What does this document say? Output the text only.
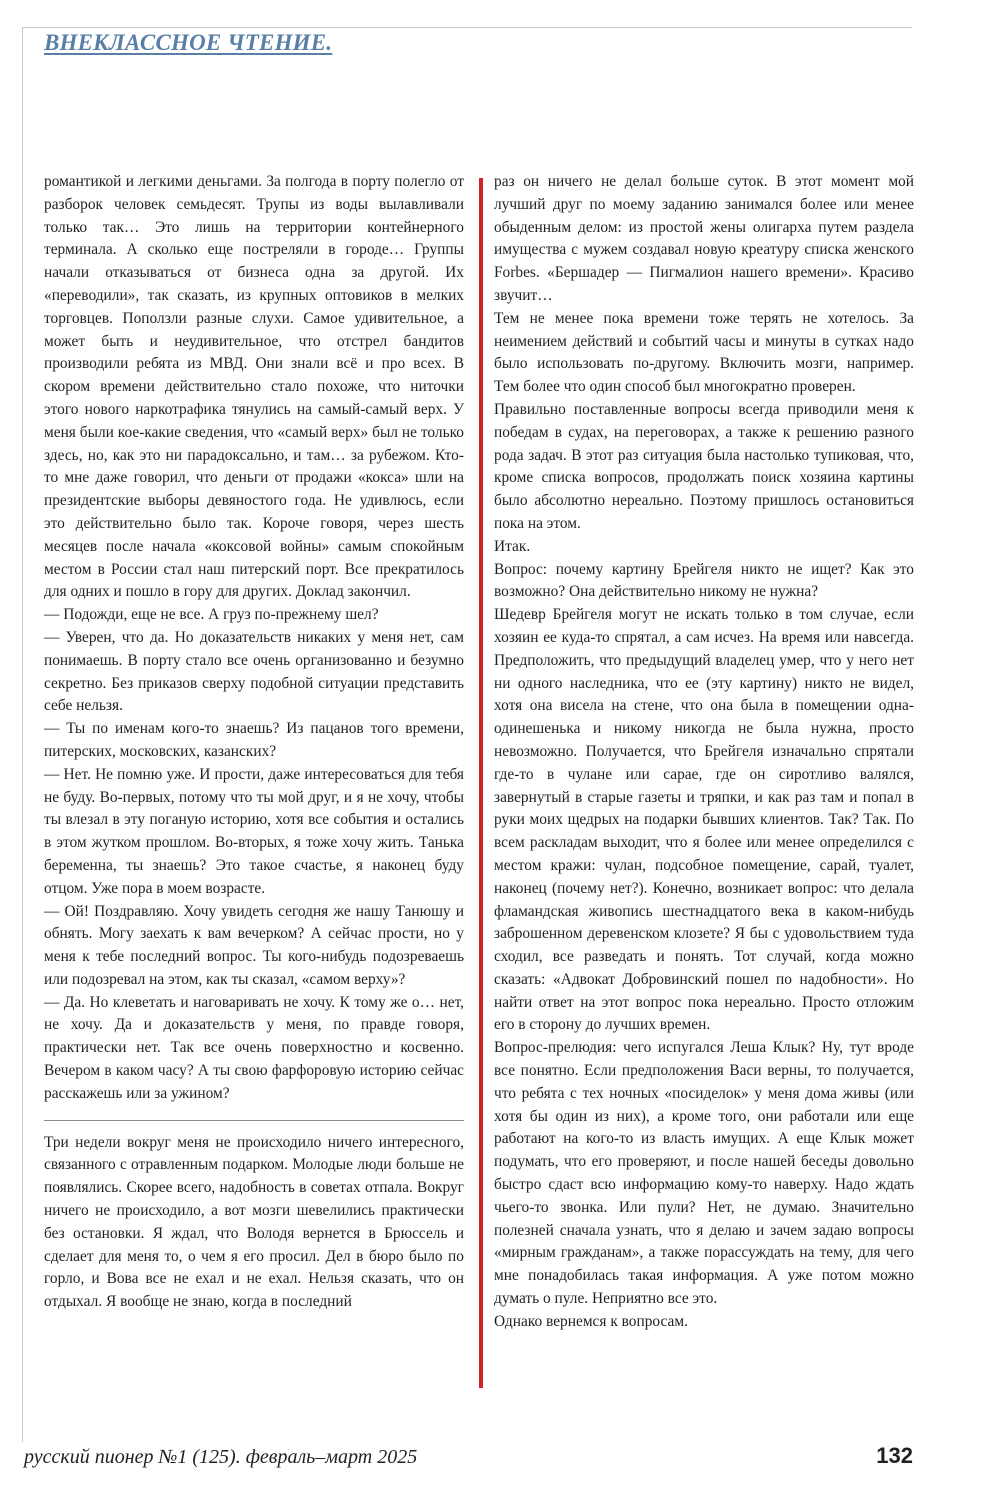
ВНЕКЛАССНОЕ ЧТЕНИЕ.

романтикой и легкими деньгами. За полгода в порту полегло от разборок человек семьдесят. Трупы из воды вылавливали только так… Это лишь на территории контейнерного терминала. А сколько еще постреляли в городе… Группы начали отказываться от бизнеса одна за другой. Их «переводили», так сказать, из крупных оптовиков в мелких торговцев. Поползли разные слухи. Самое удивительное, а может быть и неудивительное, что отстрел бандитов производили ребята из МВД. Они знали всё и про всех. В скором времени действительно стало похоже, что ниточки этого нового наркотрафика тянулись на самый-самый верх. У меня были кое-какие сведения, что «самый верх» был не только здесь, но, как это ни парадоксально, и там… за рубежом. Кто-то мне даже говорил, что деньги от продажи «кокса» шли на президентские выборы девяностого года. Не удивлюсь, если это действительно было так. Короче говоря, через шесть месяцев после начала «коксовой войны» самым спокойным местом в России стал наш питерский порт. Все прекратилось для одних и пошло в гору для других. Доклад закончил.

— Подожди, еще не все. А груз по-прежнему шел?

— Уверен, что да. Но доказательств никаких у меня нет, сам понимаешь. В порту стало все очень организованно и безумно секретно. Без приказов сверху подобной ситуации представить себе нельзя.

— Ты по именам кого-то знаешь? Из пацанов того времени, питерских, московских, казанских?

— Нет. Не помню уже. И прости, даже интересоваться для тебя не буду. Во-первых, потому что ты мой друг, и я не хочу, чтобы ты влезал в эту поганую историю, хотя все события и остались в этом жутком прошлом. Во-вторых, я тоже хочу жить. Танька беременна, ты знаешь? Это такое счастье, я наконец буду отцом. Уже пора в моем возрасте.

— Ой! Поздравляю. Хочу увидеть сегодня же нашу Танюшу и обнять. Могу заехать к вам вечерком? А сейчас прости, но у меня к тебе последний вопрос. Ты кого-нибудь подозреваешь или подозревал на этом, как ты сказал, «самом верху»?

— Да. Но клеветать и наговаривать не хочу. К тому же о… нет, не хочу. Да и доказательств у меня, по правде говоря, практически нет. Так все очень поверхностно и косвенно. Вечером в каком часу? А ты свою фарфоровую историю сейчас расскажешь или за ужином?

Три недели вокруг меня не происходило ничего интересного, связанного с отравленным подарком. Молодые люди больше не появлялись. Скорее всего, надобность в советах отпала. Вокруг ничего не происходило, а вот мозги шевелились практически без остановки. Я ждал, что Володя вернется в Брюссель и сделает для меня то, о чем я его просил. Дел в бюро было по горло, и Вова все не ехал и не ехал. Нельзя сказать, что он отдыхал. Я вообще не знаю, когда в последний

раз он ничего не делал больше суток. В этот момент мой лучший друг по моему заданию занимался более или менее обыденным делом: из простой жены олигарха путем раздела имущества с мужем создавал новую креатуру списка женского Forbes. «Бершадер — Пигмалион нашего времени». Красиво звучит…

Тем не менее пока времени тоже терять не хотелось. За неимением действий и событий часы и минуты в сутках надо было использовать по-другому. Включить мозги, например. Тем более что один способ был многократно проверен.

Правильно поставленные вопросы всегда приводили меня к победам в судах, на переговорах, а также к решению разного рода задач. В этот раз ситуация была настолько тупиковая, что, кроме списка вопросов, продолжать поиск хозяина картины было абсолютно нереально. Поэтому пришлось остановиться пока на этом.

Итак.

Вопрос: почему картину Брейгеля никто не ищет? Как это возможно? Она действительно никому не нужна?

Шедевр Брейгеля могут не искать только в том случае, если хозяин ее куда-то спрятал, а сам исчез. На время или навсегда. Предположить, что предыдущий владелец умер, что у него нет ни одного наследника, что ее (эту картину) никто не видел, хотя она висела на стене, что она была в помещении одна-одинешенька и никому никогда не была нужна, просто невозможно. Получается, что Брейгеля изначально спрятали где-то в чулане или сарае, где он сиротливо валялся, завернутый в старые газеты и тряпки, и как раз там и попал в руки моих щедрых на подарки бывших клиентов. Так? Так. По всем раскладам выходит, что я более или менее определился с местом кражи: чулан, подсобное помещение, сарай, туалет, наконец (почему нет?). Конечно, возникает вопрос: что делала фламандская живопись шестнадцатого века в каком-нибудь заброшенном деревенском клозете? Я бы с удовольствием туда сходил, все разведать и понять. Тот случай, когда можно сказать: «Адвокат Добровинский пошел по надобности». Но найти ответ на этот вопрос пока нереально. Просто отложим его в сторону до лучших времен.

Вопрос-прелюдия: чего испугался Леша Клык? Ну, тут вроде все понятно. Если предположения Васи верны, то получается, что ребята с тех ночных «посиделок» у меня дома живы (или хотя бы один из них), а кроме того, они работали или еще работают на кого-то из власть имущих. А еще Клык может подумать, что его проверяют, и после нашей беседы довольно быстро сдаст всю информацию кому-то наверху. Надо ждать чьего-то звонка. Или пули? Нет, не думаю. Значительно полезней сначала узнать, что я делаю и зачем задаю вопросы «мирным гражданам», а также порассуждать на тему, для чего мне понадобилась такая информация. А уже потом можно думать о пуле. Неприятно все это.

Однако вернемся к вопросам.

русский пионер №1 (125). февраль–март 2025	132
